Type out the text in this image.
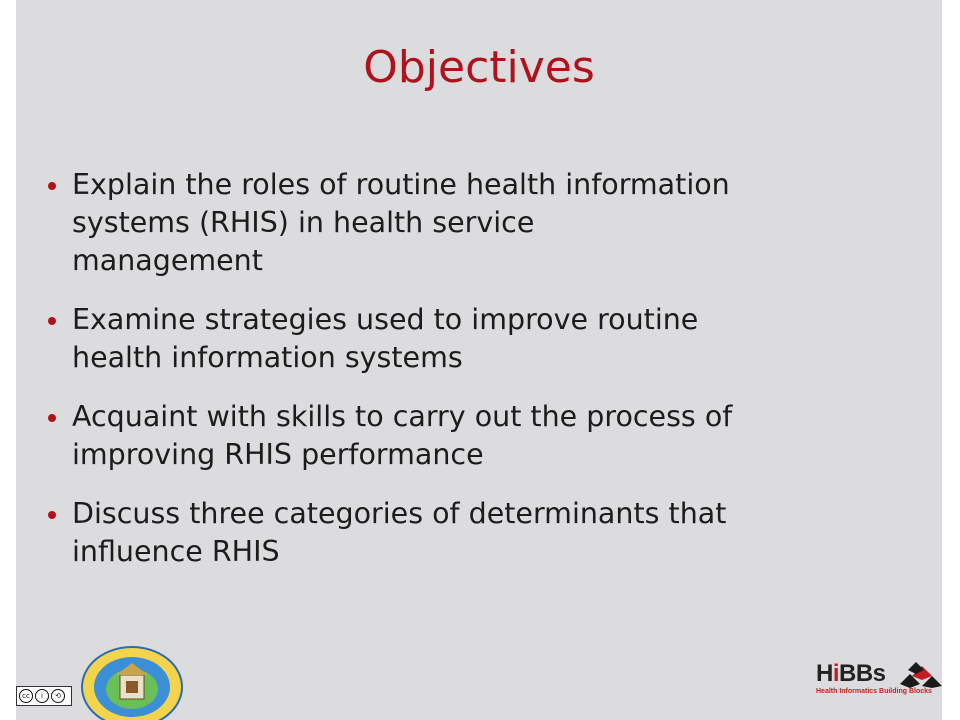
Objectives
Explain the roles of routine health information
systems (RHIS) in health service
management
Examine strategies used to improve routine
health information systems
Acquaint with skills to carry out the process of
improving RHIS performance
Discuss three categories of determinants that
influence RHIS
cc	i	⟲
HiBBs
Health Informatics Building Blocks
